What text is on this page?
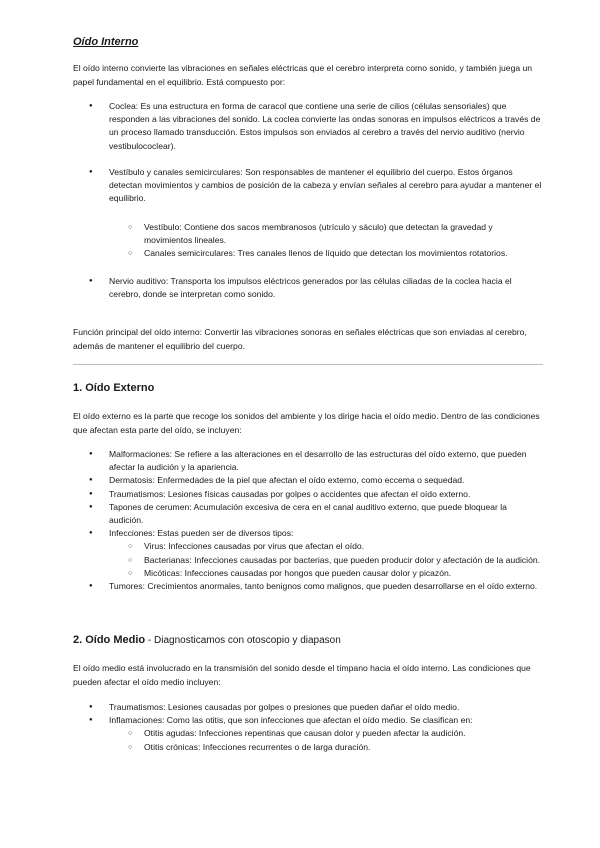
Oído Interno

El oído interno convierte las vibraciones en señales eléctricas que el cerebro interpreta como sonido, y también juega un papel fundamental en el equilibrio. Está compuesto por:

● Coclea: Es una estructura en forma de caracol que contiene una serie de cilios (células sensoriales) que responden a las vibraciones del sonido. La coclea convierte las ondas sonoras en impulsos eléctricos a través de un proceso llamado transducción. Estos impulsos son enviados al cerebro a través del nervio auditivo (nervio vestibulococlear).
● Vestíbulo y canales semicirculares: Son responsables de mantener el equilibrio del cuerpo. Estos órganos detectan movimientos y cambios de posición de la cabeza y envían señales al cerebro para ayudar a mantener el equilibrio.
○ Vestíbulo: Contiene dos sacos membranosos (utrículo y sáculo) que detectan la gravedad y movimientos lineales.
○ Canales semicirculares: Tres canales llenos de líquido que detectan los movimientos rotatorios.
● Nervio auditivo: Transporta los impulsos eléctricos generados por las células ciliadas de la coclea hacia el cerebro, donde se interpretan como sonido.

Función principal del oído interno: Convertir las vibraciones sonoras en señales eléctricas que son enviadas al cerebro, además de mantener el equilibrio del cuerpo.

1. Oído Externo

El oído externo es la parte que recoge los sonidos del ambiente y los dirige hacia el oído medio. Dentro de las condiciones que afectan esta parte del oído, se incluyen:

● Malformaciones: Se refiere a las alteraciones en el desarrollo de las estructuras del oído externo, que pueden afectar la audición y la apariencia.
● Dermatosis: Enfermedades de la piel que afectan el oído externo, como eccema o sequedad.
● Traumatismos: Lesiones físicas causadas por golpes o accidentes que afectan el oído externo.
● Tapones de cerumen: Acumulación excesiva de cera en el canal auditivo externo, que puede bloquear la audición.
● Infecciones: Estas pueden ser de diversos tipos:
○ Virus: Infecciones causadas por virus que afectan el oído.
○ Bacterianas: Infecciones causadas por bacterias, que pueden producir dolor y afectación de la audición.
○ Micóticas: Infecciones causadas por hongos que pueden causar dolor y picazón.
● Tumores: Crecimientos anormales, tanto benignos como malignos, que pueden desarrollarse en el oído externo.
2. Oído Medio - Diagnosticamos con otoscopio y diapason

El oído medio está involucrado en la transmisión del sonido desde el tímpano hacia el oído interno. Las condiciones que pueden afectar el oído medio incluyen:

● Traumatismos: Lesiones causadas por golpes o presiones que pueden dañar el oído medio.
● Inflamaciones: Como las otitis, que son infecciones que afectan el oído medio. Se clasifican en:
○ Otitis agudas: Infecciones repentinas que causan dolor y pueden afectar la audición.
○ Otitis crónicas: Infecciones recurrentes o de larga duración.
